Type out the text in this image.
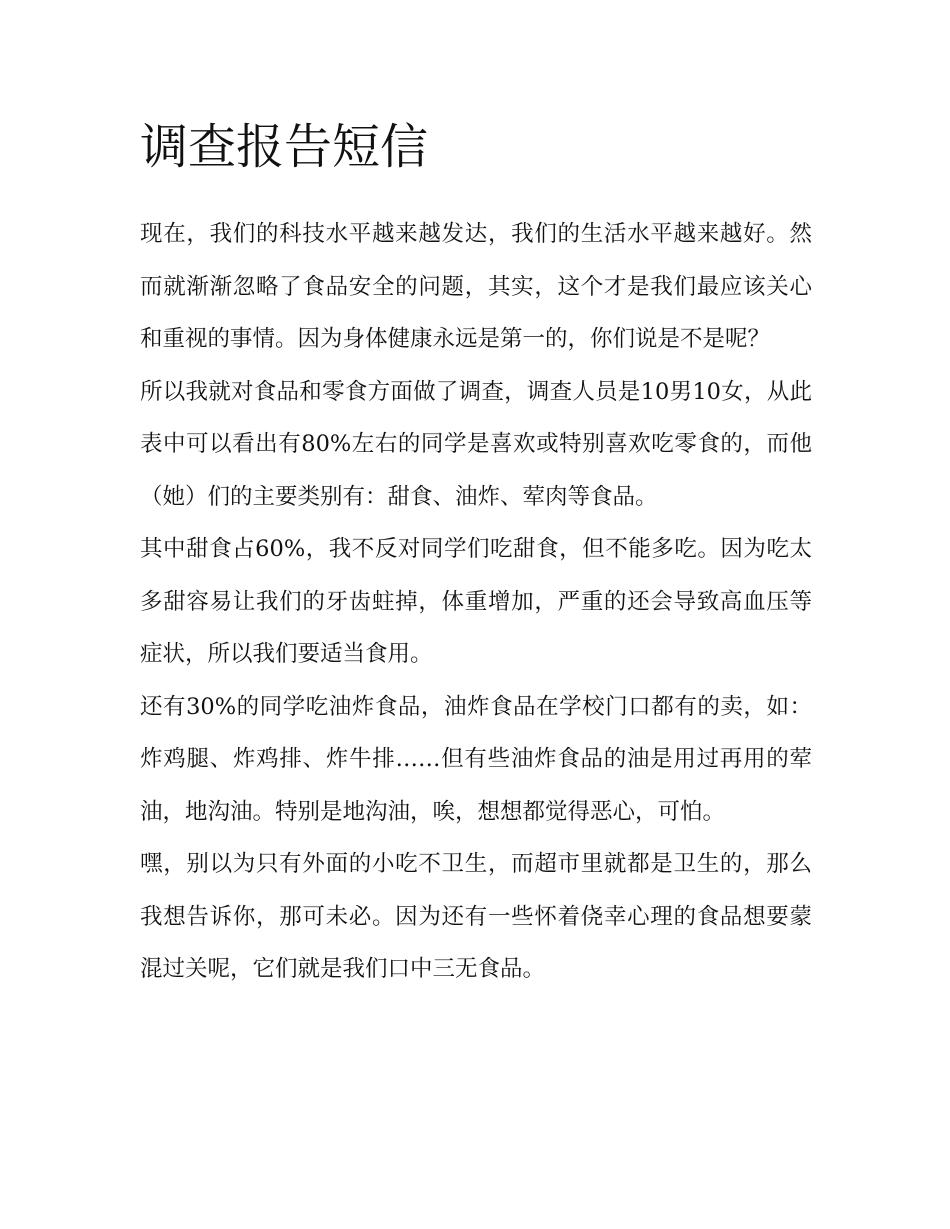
调查报告短信

现在，我们的科技水平越来越发达，我们的生活水平越来越好。然而就渐渐忽略了食品安全的问题，其实，这个才是我们最应该关心和重视的事情。因为身体健康永远是第一的，你们说是不是呢？

所以我就对食品和零食方面做了调查，调查人员是10男10女，从此表中可以看出有80%左右的同学是喜欢或特别喜欢吃零食的，而他（她）们的主要类别有：甜食、油炸、荤肉等食品。

其中甜食占60%，我不反对同学们吃甜食，但不能多吃。因为吃太多甜容易让我们的牙齿蛀掉，体重增加，严重的还会导致高血压等症状，所以我们要适当食用。

还有30%的同学吃油炸食品，油炸食品在学校门口都有的卖，如：炸鸡腿、炸鸡排、炸牛排……但有些油炸食品的油是用过再用的荤油，地沟油。特别是地沟油，唉，想想都觉得恶心，可怕。

嘿，别以为只有外面的小吃不卫生，而超市里就都是卫生的，那么我想告诉你，那可未必。因为还有一些怀着侥幸心理的食品想要蒙混过关呢，它们就是我们口中三无食品。
